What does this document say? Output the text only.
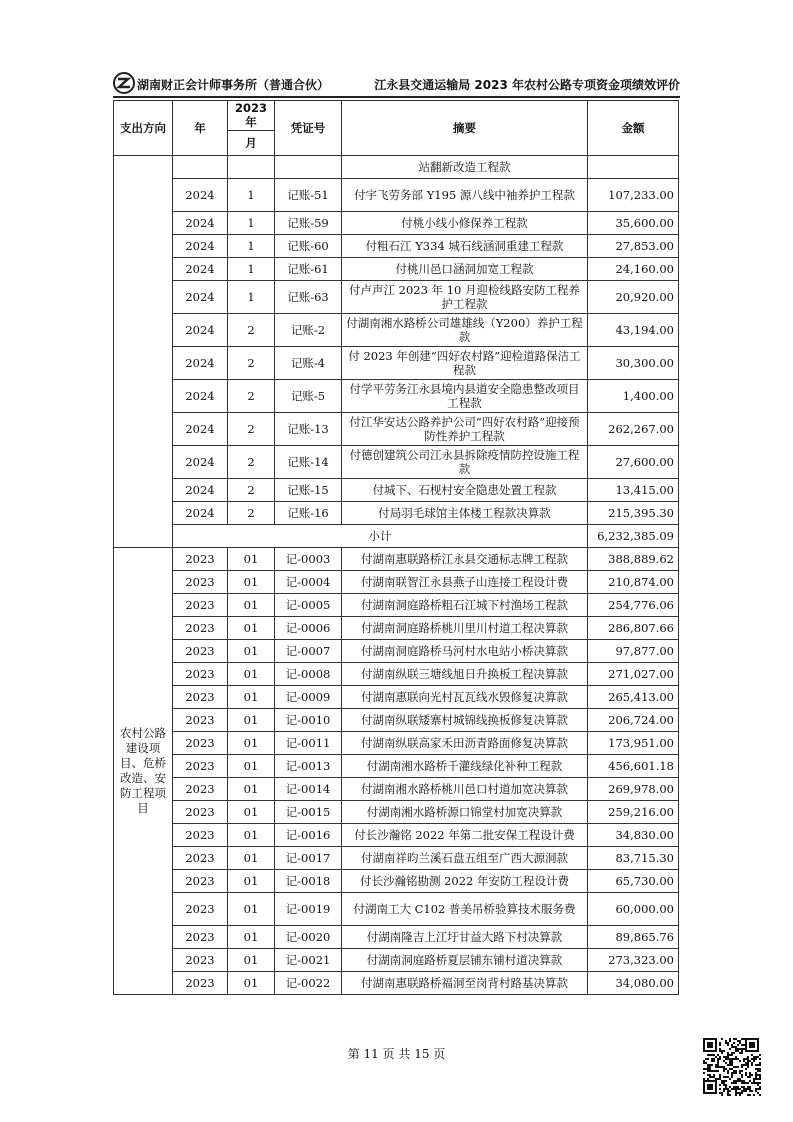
湖南财正会计师事务所（普通合伙）	江永县交通运输局 2023 年农村公路专项资金项绩效评价
支出方向	年	2023年	凭证号	摘要	金额
		月			
				站翻新改造工程款	
	2024	1	记账-51	付宇飞劳务部 Y195 源八线中袖养护工程款	107,233.00
	2024	1	记账-59	付桃小线小修保养工程款	35,600.00
	2024	1	记账-60	付粗石江 Y334 城石线涵洞重建工程款	27,853.00
	2024	1	记账-61	付桃川邑口涵洞加宽工程款	24,160.00
	2024	1	记账-63	付卢声江 2023 年 10 月迎检线路安防工程养护工程款	20,920.00
	2024	2	记账-2	付湖南湘水路桥公司雄雄线（Y200）养护工程款	43,194.00
	2024	2	记账-4	付 2023 年创建“四好农村路”迎检道路保洁工程款	30,300.00
	2024	2	记账-5	付学平劳务江永县境内县道安全隐患整改项目工程款	1,400.00
	2024	2	记账-13	付江华安达公路养护公司“四好农村路”迎接预防性养护工程款	262,267.00
	2024	2	记账-14	付德创建筑公司江永县拆除疫情防控设施工程款	27,600.00
	2024	2	记账-15	付城下、石枧村安全隐患处置工程款	13,415.00
	2024	2	记账-16	付局羽毛球馆主体楼工程款决算款	215,395.30
	小计				6,232,385.09
农村公路建设项目、危桥改造、安防工程项目	2023	01	记-0003	付湖南惠联路桥江永县交通标志牌工程款	388,889.62
	2023	01	记-0004	付湖南联智江永县燕子山连接工程设计费	210,874.00
	2023	01	记-0005	付湖南洞庭路桥粗石江城下村渔场工程款	254,776.06
	2023	01	记-0006	付湖南洞庭路桥桃川里川村道工程决算款	286,807.66
	2023	01	记-0007	付湖南洞庭路桥马河村水电站小桥决算款	97,877.00
	2023	01	记-0008	付湖南纵联三塘线旭日升换板工程决算款	271,027.00
	2023	01	记-0009	付湖南惠联向光村瓦瓦线水毁修复决算款	265,413.00
	2023	01	记-0010	付湖南纵联矮寨村城锦线换板修复决算款	206,724.00
	2023	01	记-0011	付湖南纵联高家禾田沥青路面修复决算款	173,951.00
	2023	01	记-0013	付湖南湘水路桥千灌线绿化补种工程款	456,601.18
	2023	01	记-0014	付湖南湘水路桥桃川邑口村道加宽决算款	269,978.00
	2023	01	记-0015	付湖南湘水路桥源口锦堂村加宽决算款	259,216.00
	2023	01	记-0016	付长沙瀚铭 2022 年第二批安保工程设计费	34,830.00
	2023	01	记-0017	付湖南祥昀兰溪石盘五组至广西大源洞款	83,715.30
	2023	01	记-0018	付长沙瀚铭勘测 2022 年安防工程设计费	65,730.00
	2023	01	记-0019	付湖南工大 C102 普美吊桥验算技术服务费	60,000.00
	2023	01	记-0020	付湖南隆吉上江圩甘益大路下村决算款	89,865.76
	2023	01	记-0021	付湖南洞庭路桥夏层铺东铺村道决算款	273,323.00
	2023	01	记-0022	付湖南惠联路桥福洞至岗背村路基决算款	34,080.00
第 11 页 共 15 页
